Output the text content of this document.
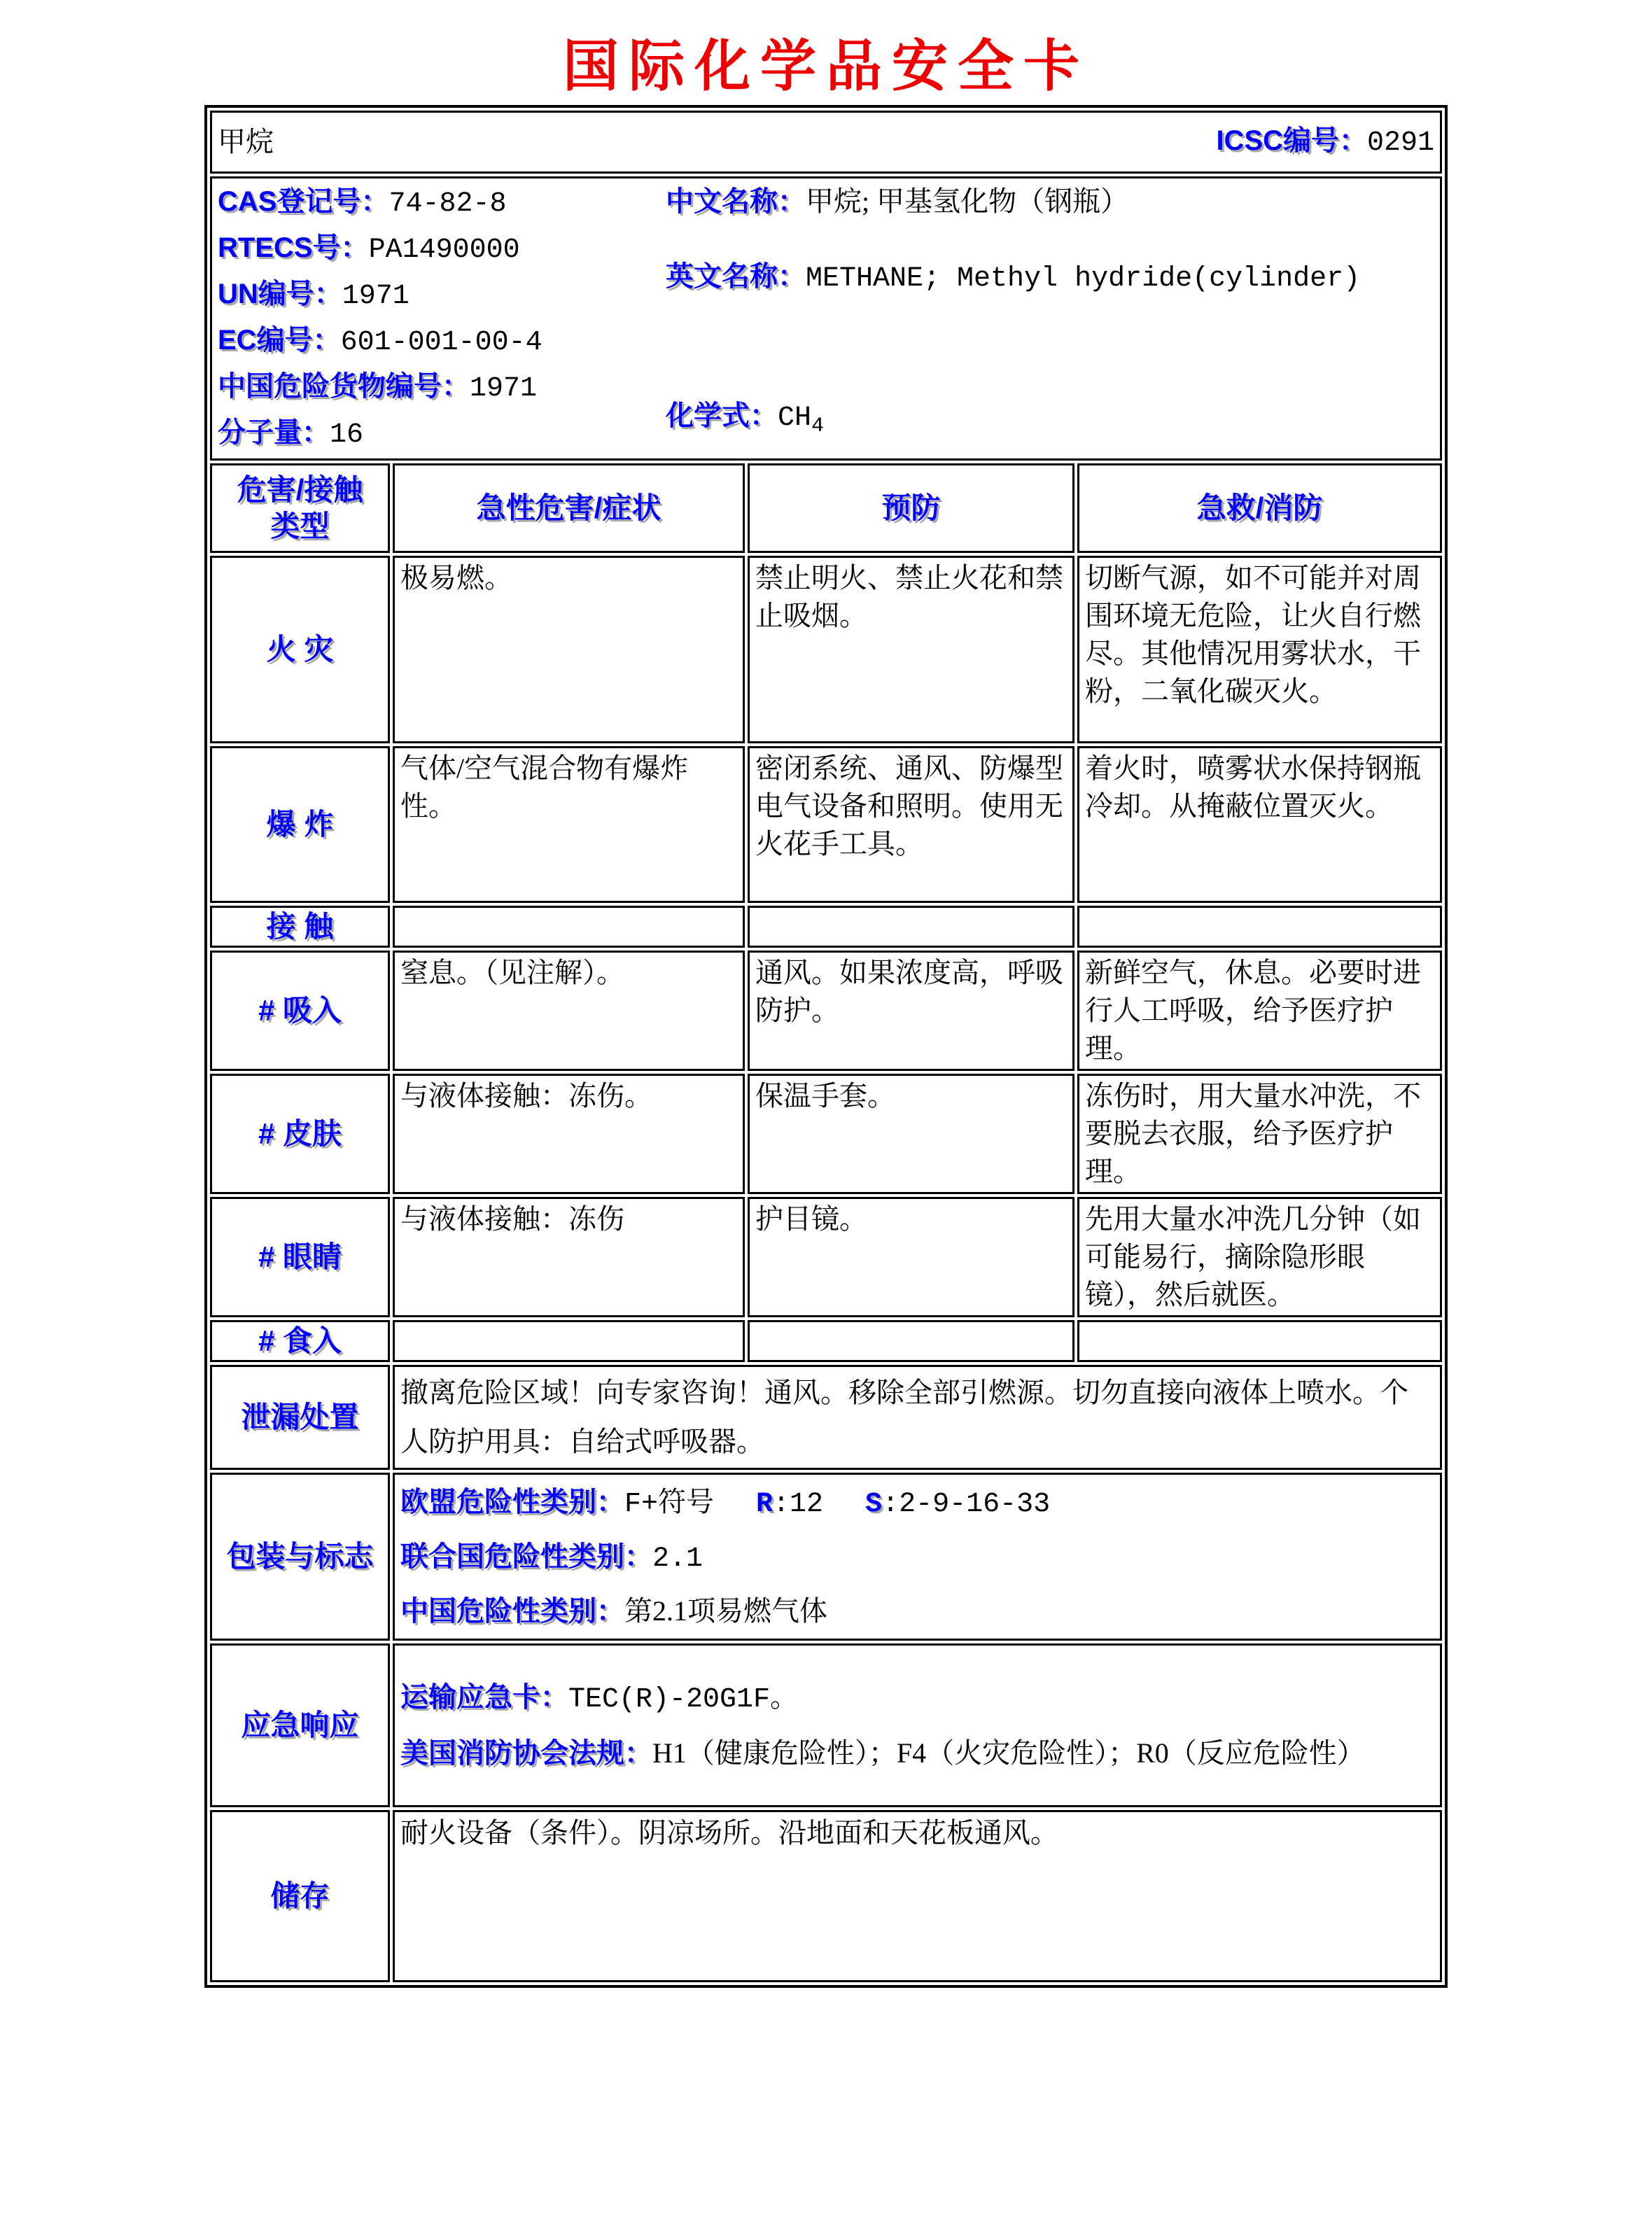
国际化学品安全卡
甲烷 ICSC编号：0291			

CAS登记号：74-82-8
RTECS号：PA1490000
UN编号：1971
EC编号：601-001-00-4
中国危险货物编号：1971
分子量：16
中文名称：甲烷; 甲基氢化物（钢瓶）
英文名称：METHANE; Methyl hydride(cylinder)
化学式：$CH_4$

危害/接触
类型	急性危害/症状	预防	急救/消防
火 灾	极易燃。	禁止明火、禁止火花和禁止吸烟。	切断气源，如不可能并对周围环境无危险，让火自行燃尽。其他情况用雾状水，干粉，二氧化碳灭火。
爆 炸	气体/空气混合物有爆炸性。	密闭系统、通风、防爆型电气设备和照明。使用无火花手工具。	着火时，喷雾状水保持钢瓶冷却。从掩蔽位置灭火。
接 触			
# 吸入	窒息。（见注解）。	通风。如果浓度高，呼吸防护。	新鲜空气，休息。必要时进行人工呼吸，给予医疗护理。
# 皮肤	与液体接触：冻伤。	保温手套。	冻伤时，用大量水冲洗，不要脱去衣服，给予医疗护理。
# 眼睛	与液体接触：冻伤	护目镜。	先用大量水冲洗几分钟（如可能易行，摘除隐形眼镜），然后就医。
# 食入			
泄漏处置	撤离危险区域！向专家咨询！通风。移除全部引燃源。切勿直接向液体上喷水。个人防护用具：自给式呼吸器。		
包装与标志	欧盟危险性类别：F+符号 R:12 S:2-9-16-33
联合国危险性类别：2.1
中国危险性类别：第2.1项易燃气体		

应急响应	运输应急卡：TEC(R)-20G1F。
美国消防协会法规：H1（健康危险性）；F4（火灾危险性）；R0（反应危险性）		

储存	耐火设备（条件）。阴凉场所。沿地面和天花板通风。		
